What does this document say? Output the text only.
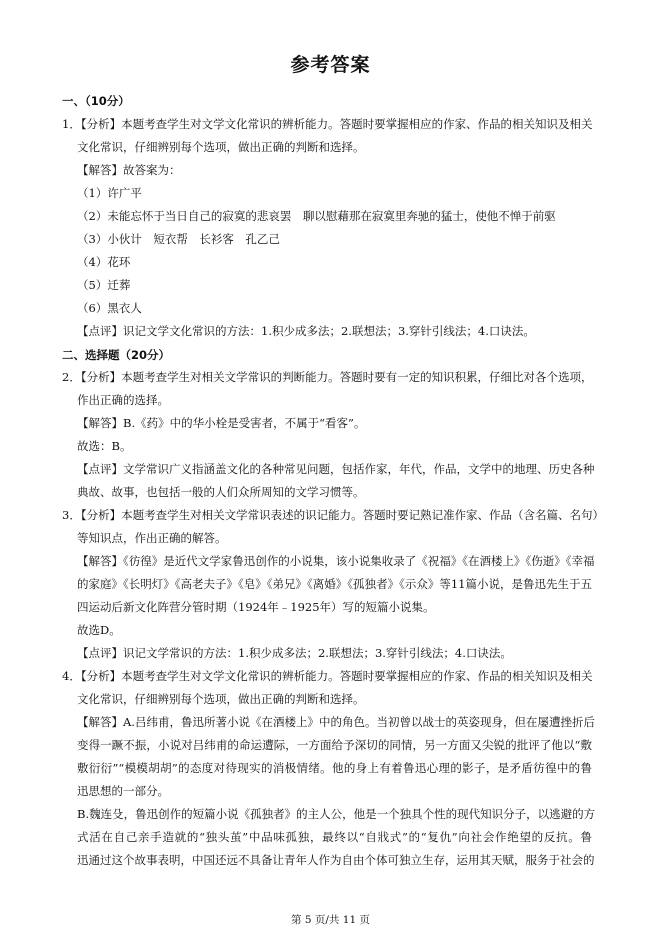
参考答案
一、（10分）
1．【分析】本题考查学生对文学文化常识的辨析能力。答题时要掌握相应的作家、作品的相关知识及相关
文化常识，仔细辨别每个选项，做出正确的判断和选择。
【解答】故答案为：
（1）许广平
（2）未能忘怀于当日自己的寂寞的悲哀罢　聊以慰藉那在寂寞里奔驰的猛士，使他不惮于前驱
（3）小伙计　短衣帮　长衫客　孔乙己
（4）花环
（5）迁葬
（6）黑衣人
【点评】识记文学文化常识的方法：1.积少成多法；2.联想法；3.穿针引线法；4.口诀法。
二、选择题（20分）
2．【分析】本题考查学生对相关文学常识的判断能力。答题时要有一定的知识积累，仔细比对各个选项，
作出正确的选择。
【解答】B.《药》中的华小栓是受害者，不属于“看客”。
故选：B。
【点评】文学常识广义指涵盖文化的各种常见问题，包括作家，年代，作品，文学中的地理、历史各种
典故、故事，也包括一般的人们众所周知的文学习惯等。
3．【分析】本题考查学生对相关文学常识表述的识记能力。答题时要记熟记准作家、作品（含名篇、名句）
等知识点，作出正确的解答。
【解答】《彷徨》是近代文学家鲁迅创作的小说集，该小说集收录了《祝福》《在酒楼上》《伤逝》《幸福
的家庭》《长明灯》《高老夫子》《皂》《弟兄》《离婚》《孤独者》《示众》等11篇小说，是鲁迅先生于五
四运动后新文化阵营分管时期（1924年﹣1925年）写的短篇小说集。
故选D。
【点评】识记文学常识的方法：1.积少成多法；2.联想法；3.穿针引线法；4.口诀法。
4．【分析】本题考查学生对文学文化常识的辨析能力。答题时要掌握相应的作家、作品的相关知识及相关
文化常识，仔细辨别每个选项，做出正确的判断和选择。
【解答】A.吕纬甫，鲁迅所著小说《在酒楼上》中的角色。当初曾以战士的英姿现身，但在屡遭挫折后
变得一蹶不振，小说对吕纬甫的命运遭际，一方面给予深切的同情，另一方面又尖锐的批评了他以“敷
敷衍衍”“模模胡胡”的态度对待现实的消极情绪。他的身上有着鲁迅心理的影子，是矛盾彷徨中的鲁
迅思想的一部分。
B.魏连殳，鲁迅创作的短篇小说《孤独者》的主人公，他是一个独具个性的现代知识分子，以逃避的方
式活在自己亲手造就的“独头茧”中品味孤独，最终以“自戕式”的“复仇”向社会作绝望的反抗。鲁
迅通过这个故事表明，中国还远不具备让青年人作为自由个体可独立生存，运用其天赋，服务于社会的
第 5 页/共 11 页
